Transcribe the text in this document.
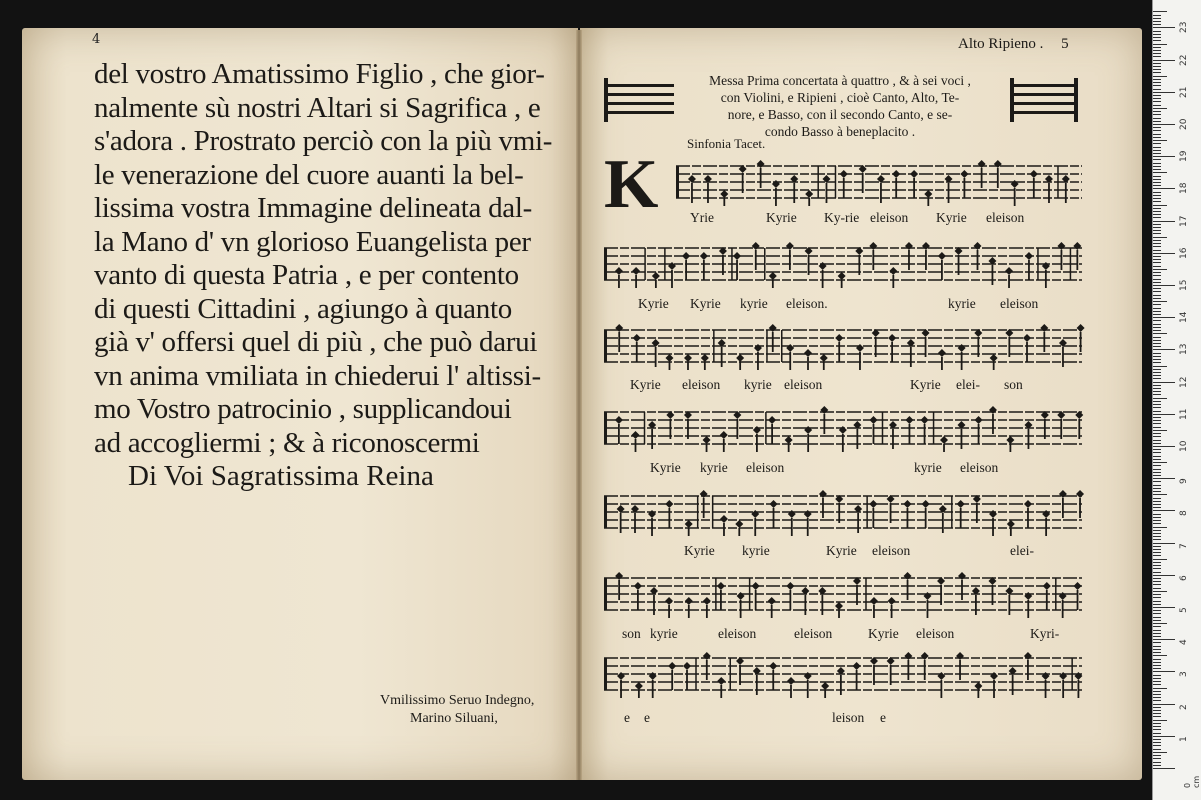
4
del vostro Amatissimo Figlio , che gior-
nalmente sù nostri Altari si Sagrifica , e
s'adora . Prostrato perciò con la più vmi-
le venerazione del cuore auanti la bel-
lissima vostra Immagine delineata dal-
la Mano d' vn glorioso Euangelista per
vanto di questa Patria , e per contento
di questi Cittadini , agiungo à quanto
già v' offersi quel di più , che può darui
vn anima vmiliata in chiederui l' altissi-
mo Vostro patrocinio , supplicandoui
ad accogliermi ; & à riconoscermi
Di Voi Sagratissima Reina
Vmilissimo Seruo Indegno,
Marino Siluani,
Alto Ripieno . 5
Messa Prima concertata à quattro , & à sei voci ,
con Violini, e Ripieni , cioè Canto, Alto, Te-
nore, e Basso, con il secondo Canto, e se-
condo Basso à beneplacito .
Sinfonia Tacet.
K Yrie	Kyrie Ky-rie eleison Kyrie eleison
Kyrie Kyrie kyrie eleison.	kyrie eleison
Kyrie eleison kyrie eleison	Kyrie elei- son
Kyrie kyrie eleison	kyrie eleison
Kyrie kyrie	Kyrie eleison	elei-
son kyrie	eleison	eleison	Kyrie eleison	Kyri-
e e	leison e
0 cm
1
2
3
4
5
6
7
8
9
10
11
12
13
14
15
16
17
18
19
20
21
22
23
